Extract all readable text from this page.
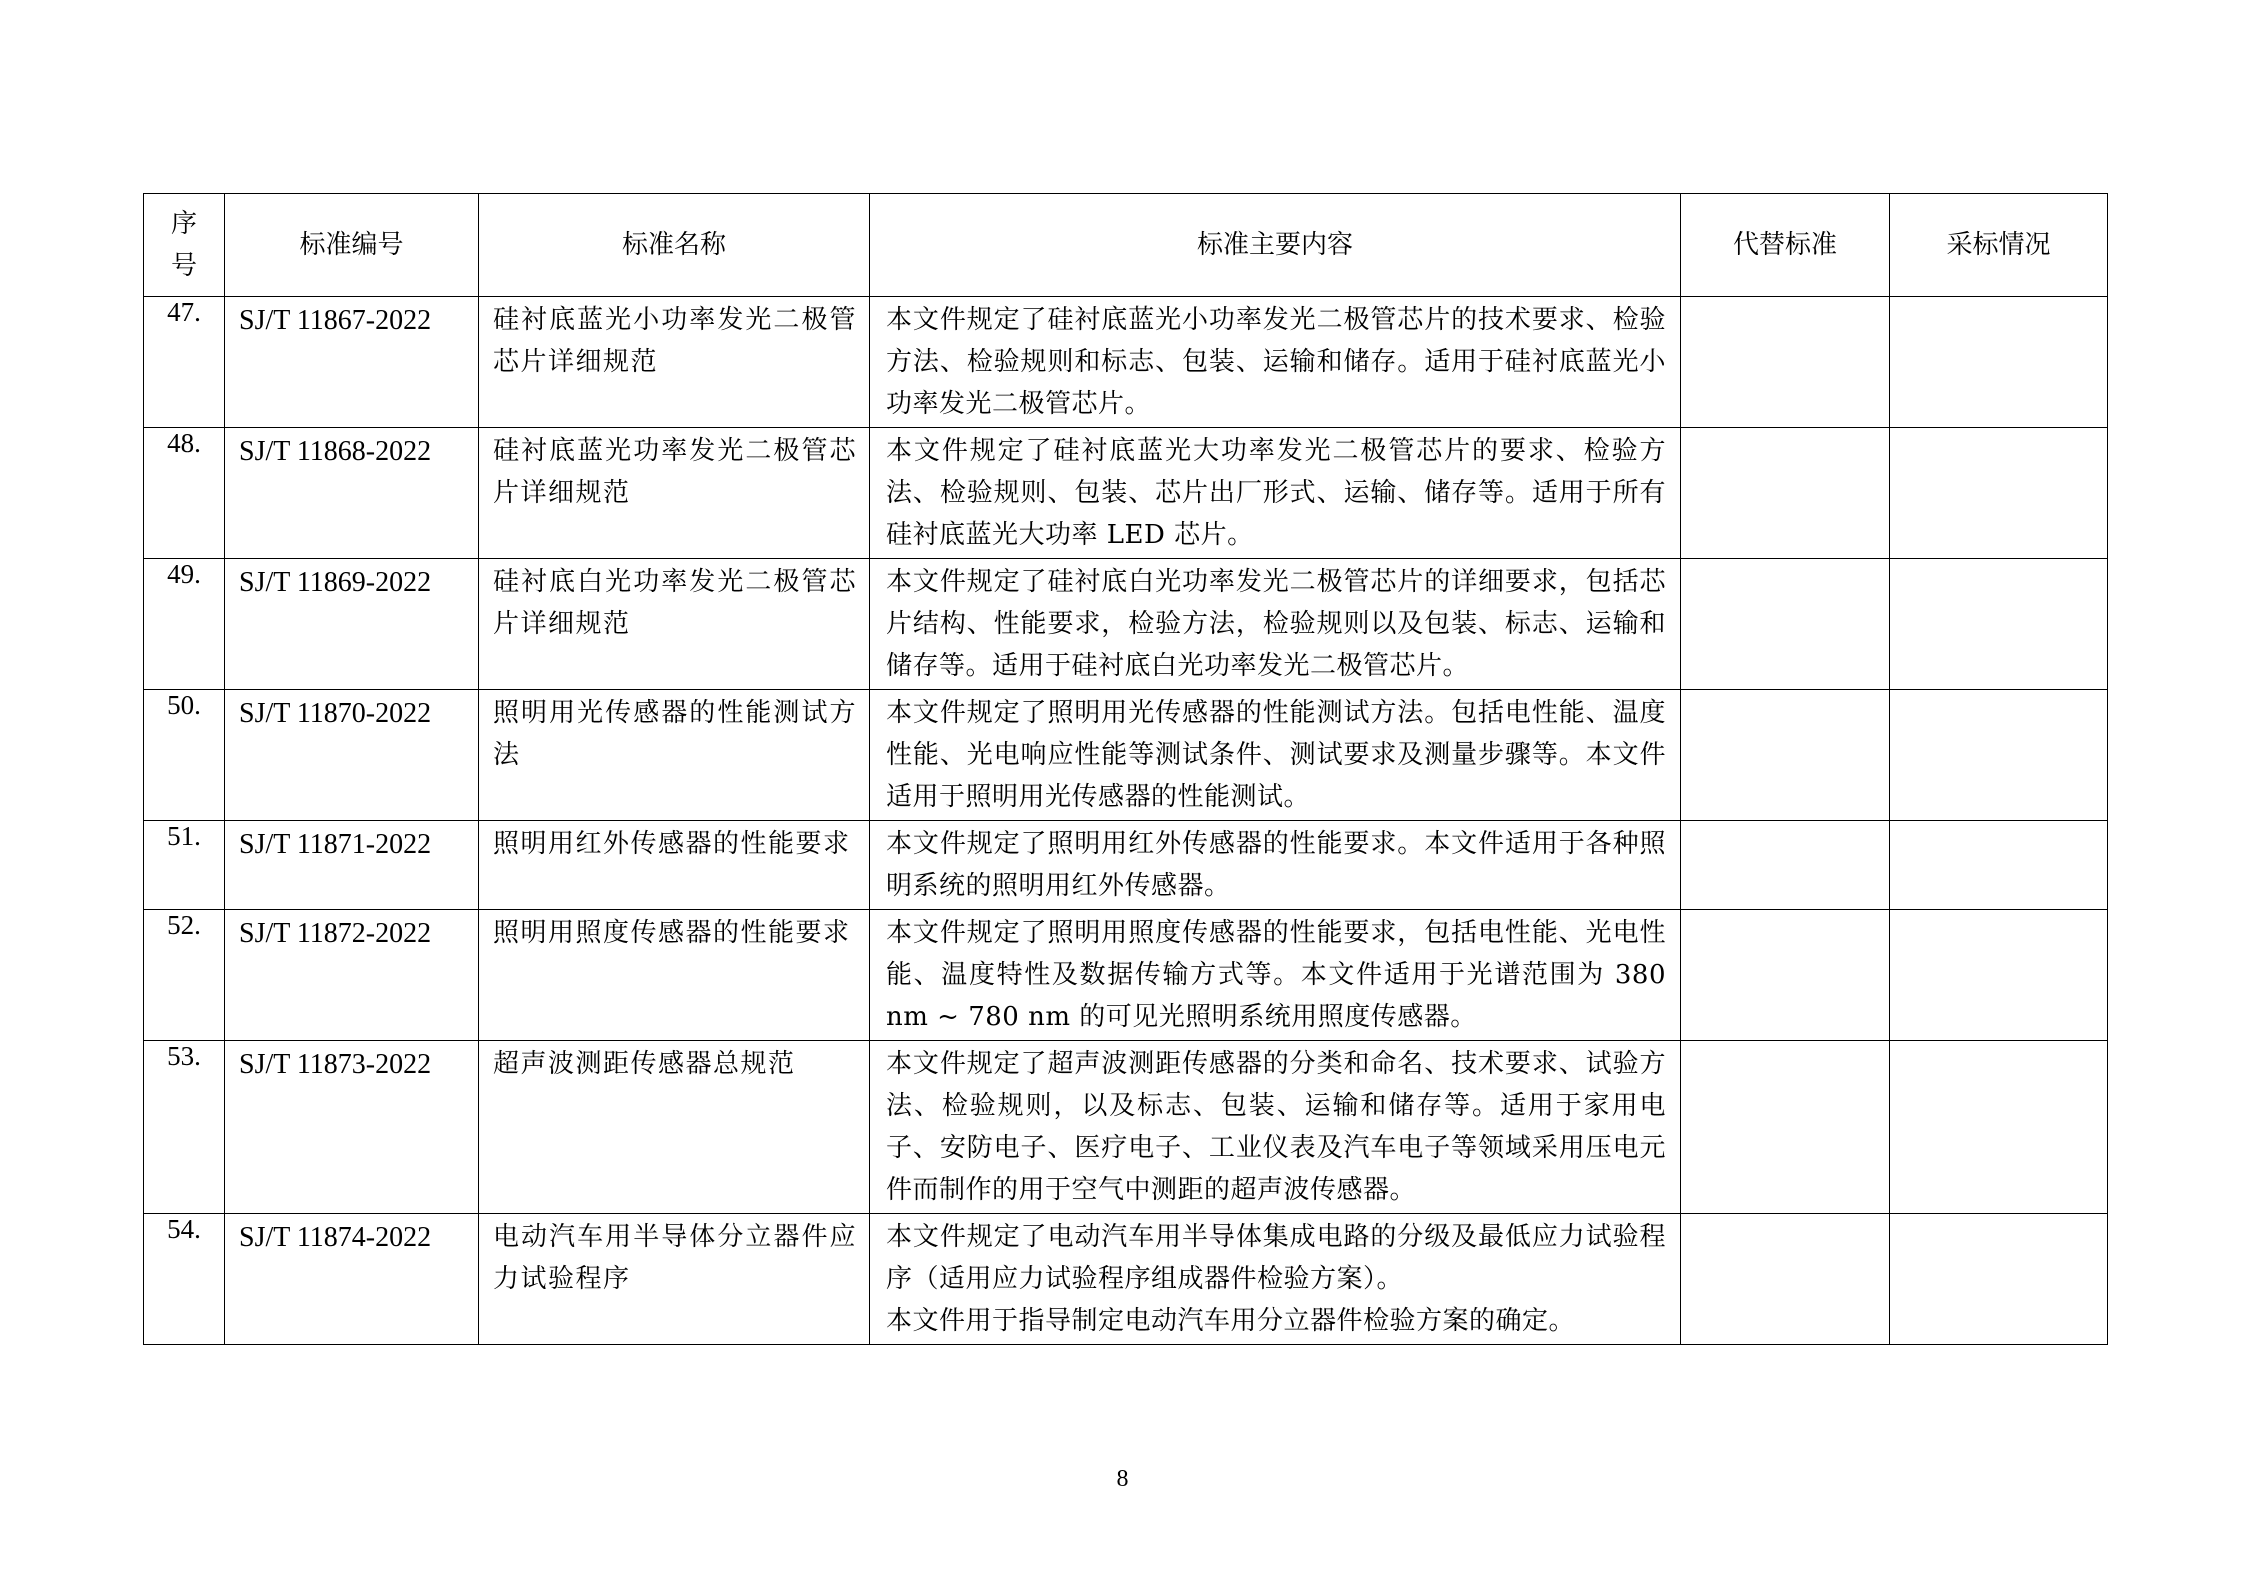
序
号	标准编号	标准名称	标准主要内容	代替标准	采标情况
47.	SJ/T 11867-2022	硅衬底蓝光小功率发光二极管芯片详细规范	本文件规定了硅衬底蓝光小功率发光二极管芯片的技术要求、检验方法、检验规则和标志、包装、运输和储存。适用于硅衬底蓝光小功率发光二极管芯片。		

48.	SJ/T 11868-2022	硅衬底蓝光功率发光二极管芯片详细规范	本文件规定了硅衬底蓝光大功率发光二极管芯片的要求、检验方法、检验规则、包装、芯片出厂形式、运输、储存等。适用于所有硅衬底蓝光大功率 LED 芯片。		

49.	SJ/T 11869-2022	硅衬底白光功率发光二极管芯片详细规范	本文件规定了硅衬底白光功率发光二极管芯片的详细要求，包括芯片结构、性能要求，检验方法，检验规则以及包装、标志、运输和储存等。适用于硅衬底白光功率发光二极管芯片。		

50.	SJ/T 11870-2022	照明用光传感器的性能测试方法	本文件规定了照明用光传感器的性能测试方法。包括电性能、温度性能、光电响应性能等测试条件、测试要求及测量步骤等。本文件适用于照明用光传感器的性能测试。		

51.	SJ/T 11871-2022	照明用红外传感器的性能要求	本文件规定了照明用红外传感器的性能要求。本文件适用于各种照明系统的照明用红外传感器。		

52.	SJ/T 11872-2022	照明用照度传感器的性能要求	本文件规定了照明用照度传感器的性能要求，包括电性能、光电性能、温度特性及数据传输方式等。本文件适用于光谱范围为 380 nm ~ 780 nm 的可见光照明系统用照度传感器。		

53.	SJ/T 11873-2022	超声波测距传感器总规范	本文件规定了超声波测距传感器的分类和命名、技术要求、试验方法、检验规则，以及标志、包装、运输和储存等。适用于家用电子、安防电子、医疗电子、工业仪表及汽车电子等领域采用压电元件而制作的用于空气中测距的超声波传感器。		

54.	SJ/T 11874-2022	电动汽车用半导体分立器件应力试验程序	本文件规定了电动汽车用半导体集成电路的分级及最低应力试验程序（适用应力试验程序组成器件检验方案）。
本文件用于指导制定电动汽车用分立器件检验方案的确定。		

8
